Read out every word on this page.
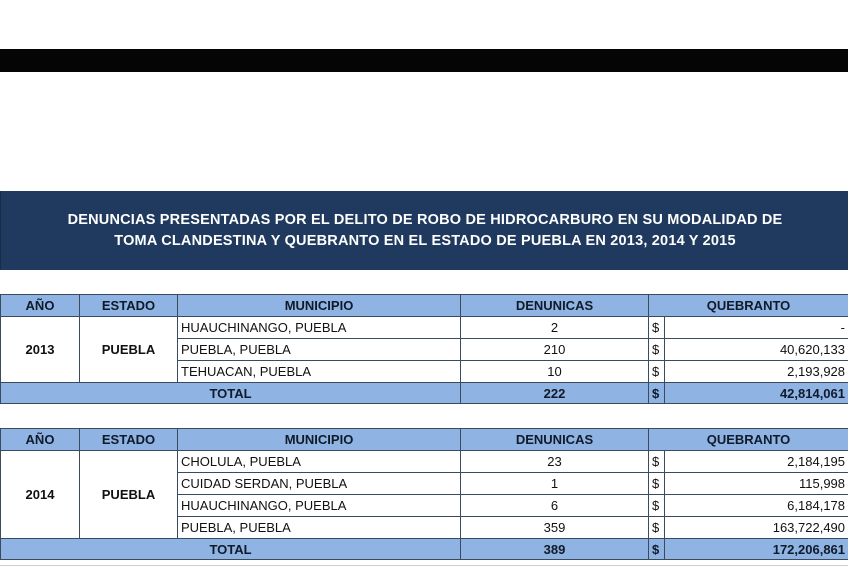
DENUNCIAS PRESENTADAS POR EL DELITO DE ROBO DE HIDROCARBURO EN SU MODALIDAD DE
TOMA CLANDESTINA Y QUEBRANTO EN EL ESTADO DE PUEBLA EN 2013, 2014 Y 2015
AÑO	ESTADO	MUNICIPIO	DENUNICAS	QUEBRANTO	
2013	PUEBLA	HUAUCHINANGO, PUEBLA	2	$	-
		PUEBLA, PUEBLA	210	$	40,620,133
		TEHUACAN, PUEBLA	10	$	2,193,928
TOTAL			222	$	42,814,061
AÑO	ESTADO	MUNICIPIO	DENUNICAS	QUEBRANTO	
2014	PUEBLA	CHOLULA, PUEBLA	23	$	2,184,195
		CUIDAD SERDAN, PUEBLA	1	$	115,998
		HUAUCHINANGO, PUEBLA	6	$	6,184,178
		PUEBLA, PUEBLA	359	$	163,722,490
TOTAL			389	$	172,206,861
